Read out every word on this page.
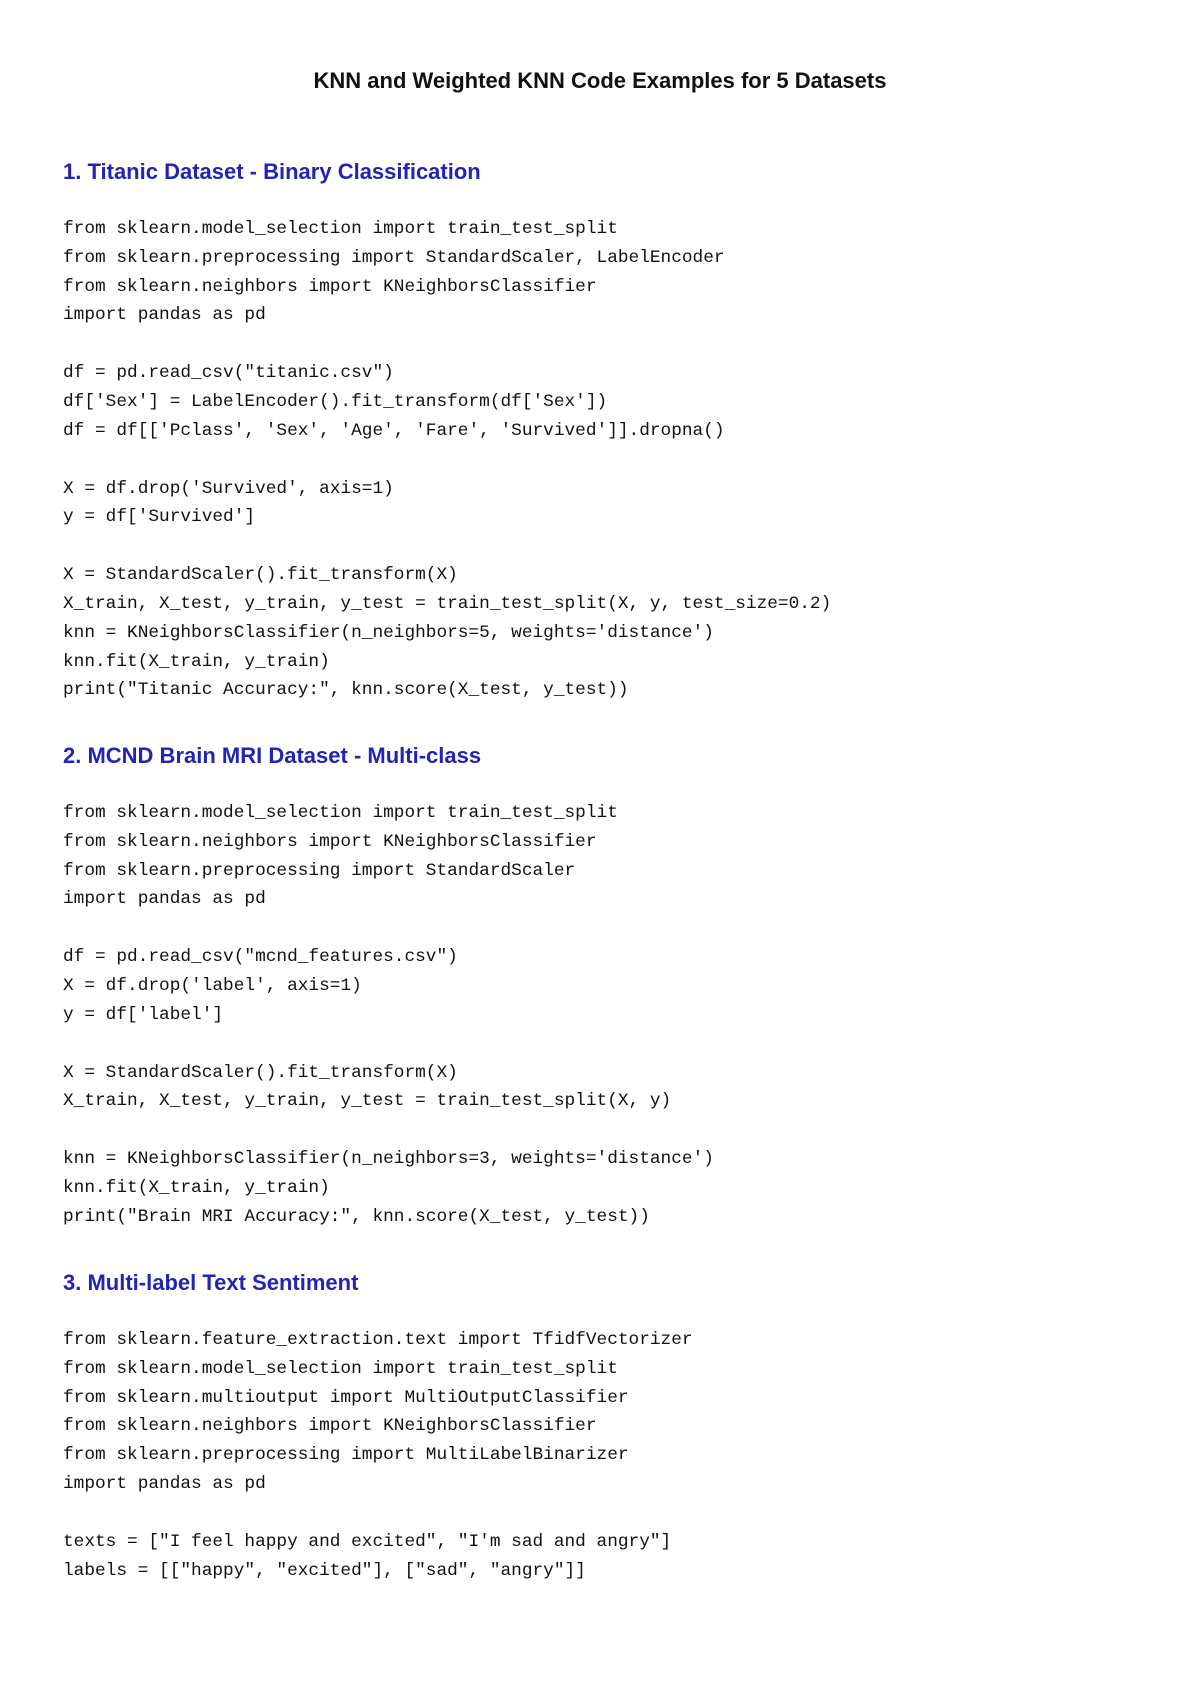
KNN and Weighted KNN Code Examples for 5 Datasets
1. Titanic Dataset - Binary Classification
from sklearn.model_selection import train_test_split
from sklearn.preprocessing import StandardScaler, LabelEncoder
from sklearn.neighbors import KNeighborsClassifier
import pandas as pd
df = pd.read_csv("titanic.csv")
df['Sex'] = LabelEncoder().fit_transform(df['Sex'])
df = df[['Pclass', 'Sex', 'Age', 'Fare', 'Survived']].dropna()
X = df.drop('Survived', axis=1)
y = df['Survived']
X = StandardScaler().fit_transform(X)
X_train, X_test, y_train, y_test = train_test_split(X, y, test_size=0.2)
knn = KNeighborsClassifier(n_neighbors=5, weights='distance')
knn.fit(X_train, y_train)
print("Titanic Accuracy:", knn.score(X_test, y_test))
2. MCND Brain MRI Dataset - Multi-class
from sklearn.model_selection import train_test_split
from sklearn.neighbors import KNeighborsClassifier
from sklearn.preprocessing import StandardScaler
import pandas as pd
df = pd.read_csv("mcnd_features.csv")
X = df.drop('label', axis=1)
y = df['label']
X = StandardScaler().fit_transform(X)
X_train, X_test, y_train, y_test = train_test_split(X, y)
knn = KNeighborsClassifier(n_neighbors=3, weights='distance')
knn.fit(X_train, y_train)
print("Brain MRI Accuracy:", knn.score(X_test, y_test))
3. Multi-label Text Sentiment
from sklearn.feature_extraction.text import TfidfVectorizer
from sklearn.model_selection import train_test_split
from sklearn.multioutput import MultiOutputClassifier
from sklearn.neighbors import KNeighborsClassifier
from sklearn.preprocessing import MultiLabelBinarizer
import pandas as pd
texts = ["I feel happy and excited", "I'm sad and angry"]
labels = [["happy", "excited"], ["sad", "angry"]]
